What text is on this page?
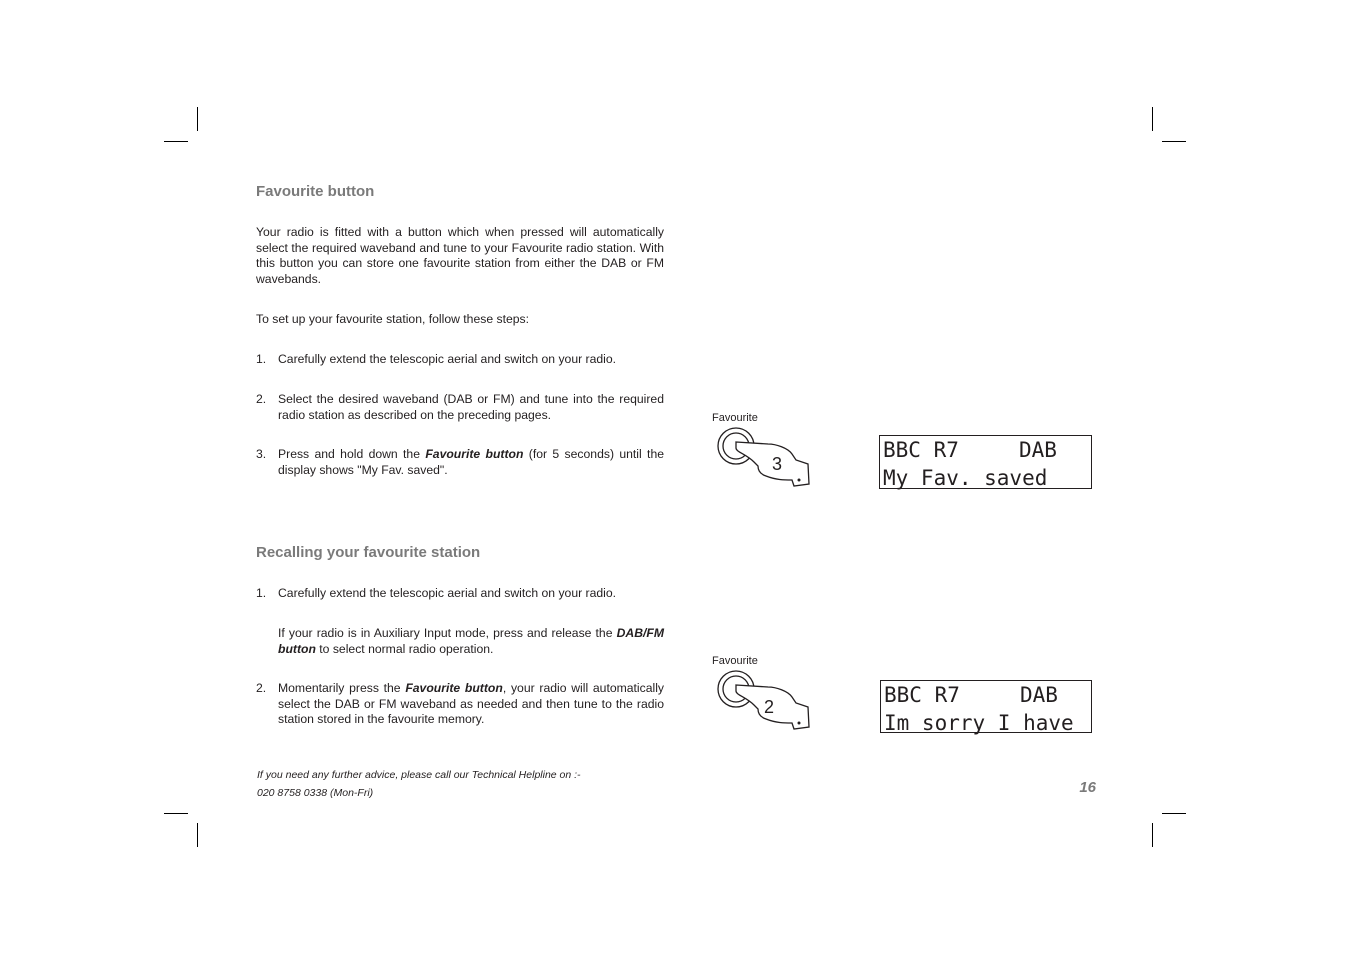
Favourite button

Your radio is fitted with a button which when pressed will automatically select the required waveband and tune to your Favourite radio station. With this button you can store one favourite station from either the DAB or FM wavebands.

To set up your favourite station, follow these steps:

1. Carefully extend the telescopic aerial and switch on your radio.
2. Select the desired waveband (DAB or FM) and tune into the required radio station as described on the preceding pages.
3. Press and hold down the Favourite button (for 5 seconds) until the display shows "My Fav. saved".
Recalling your favourite station
1. Carefully extend the telescopic aerial and switch on your radio.
If your radio is in Auxiliary Input mode, press and release the DAB/FM button to select normal radio operation.
2. Momentarily press the Favourite button, your radio will automatically select the DAB or FM waveband as needed and then tune to the radio station stored in the favourite memory.
Favourite
3
BBC R7	DAB
My Fav. saved
Favourite
2	BBC R7	DAB
Im sorry I have
If you need any further advice, please call our Technical Helpline on :-
020 8758 0338 (Mon-Fri)	16
